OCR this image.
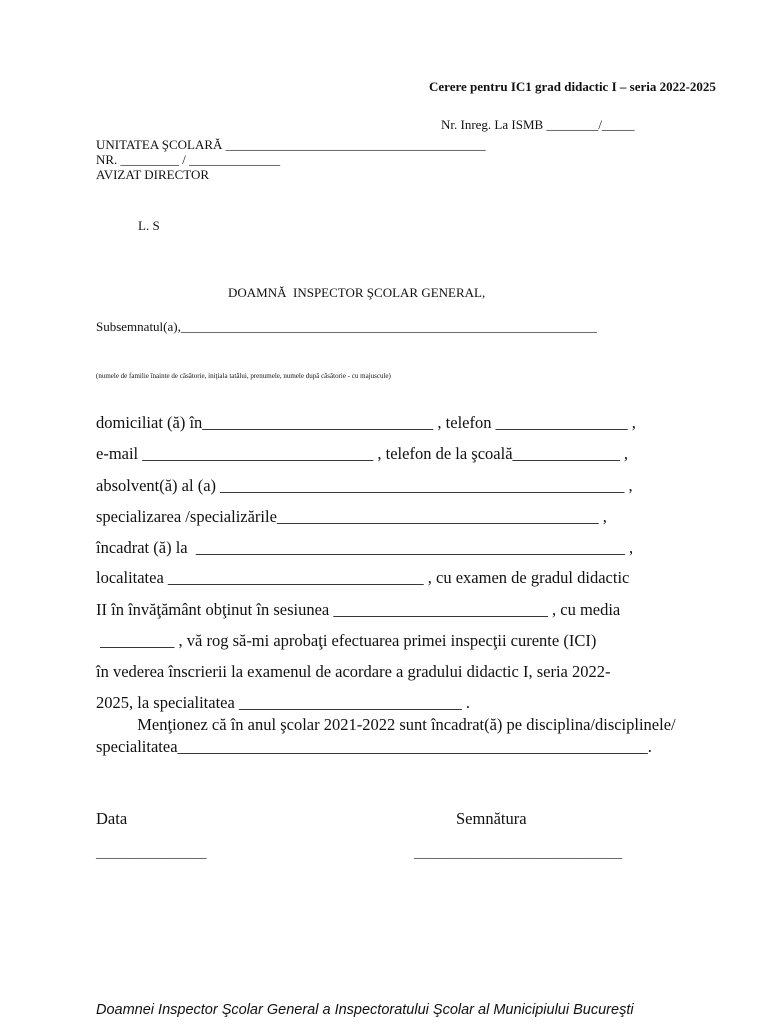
Cerere pentru IC1 grad didactic I – seria 2022-2025
Nr. Inreg. La ISMB ________/_____
UNITATEA ŞCOLARĂ ________________________________________
NR. _________ / ______________
AVIZAT DIRECTOR
L. S
DOAMNĂ  INSPECTOR ŞCOLAR GENERAL,
Subsemnatul(a),________________________________________________________________
(numele de familie înainte de căsătorie, iniţiala tatălui, prenumele, numele după căsătorie - cu majuscule)
domiciliat (ă) în____________________________ , telefon ________________ ,
e-mail ____________________________ , telefon de la şcoală_____________ ,
absolvent(ă) al (a) _________________________________________________ ,
specializarea /specializările_______________________________________ ,
încadrat (ă) la  ____________________________________________________ ,
localitatea _______________________________ , cu examen de gradul didactic
II în învăţământ obţinut în sesiunea __________________________ , cu media
_________ , vă rog să-mi aprobaţi efectuarea primei inspecţii curente (ICI)
în vederea înscrierii la examenul de acordare a gradului didactic I, seria 2022-
2025, la specialitatea ___________________________ .
Menţionez că în anul şcolar 2021-2022 sunt încadrat(ă) pe disciplina/disciplinele/
specialitatea_________________________________________________________.
Data
_________________
Semnătura
________________________________
Doamnei Inspector Şcolar General a Inspectoratului Şcolar al Municipiului Bucureşti
